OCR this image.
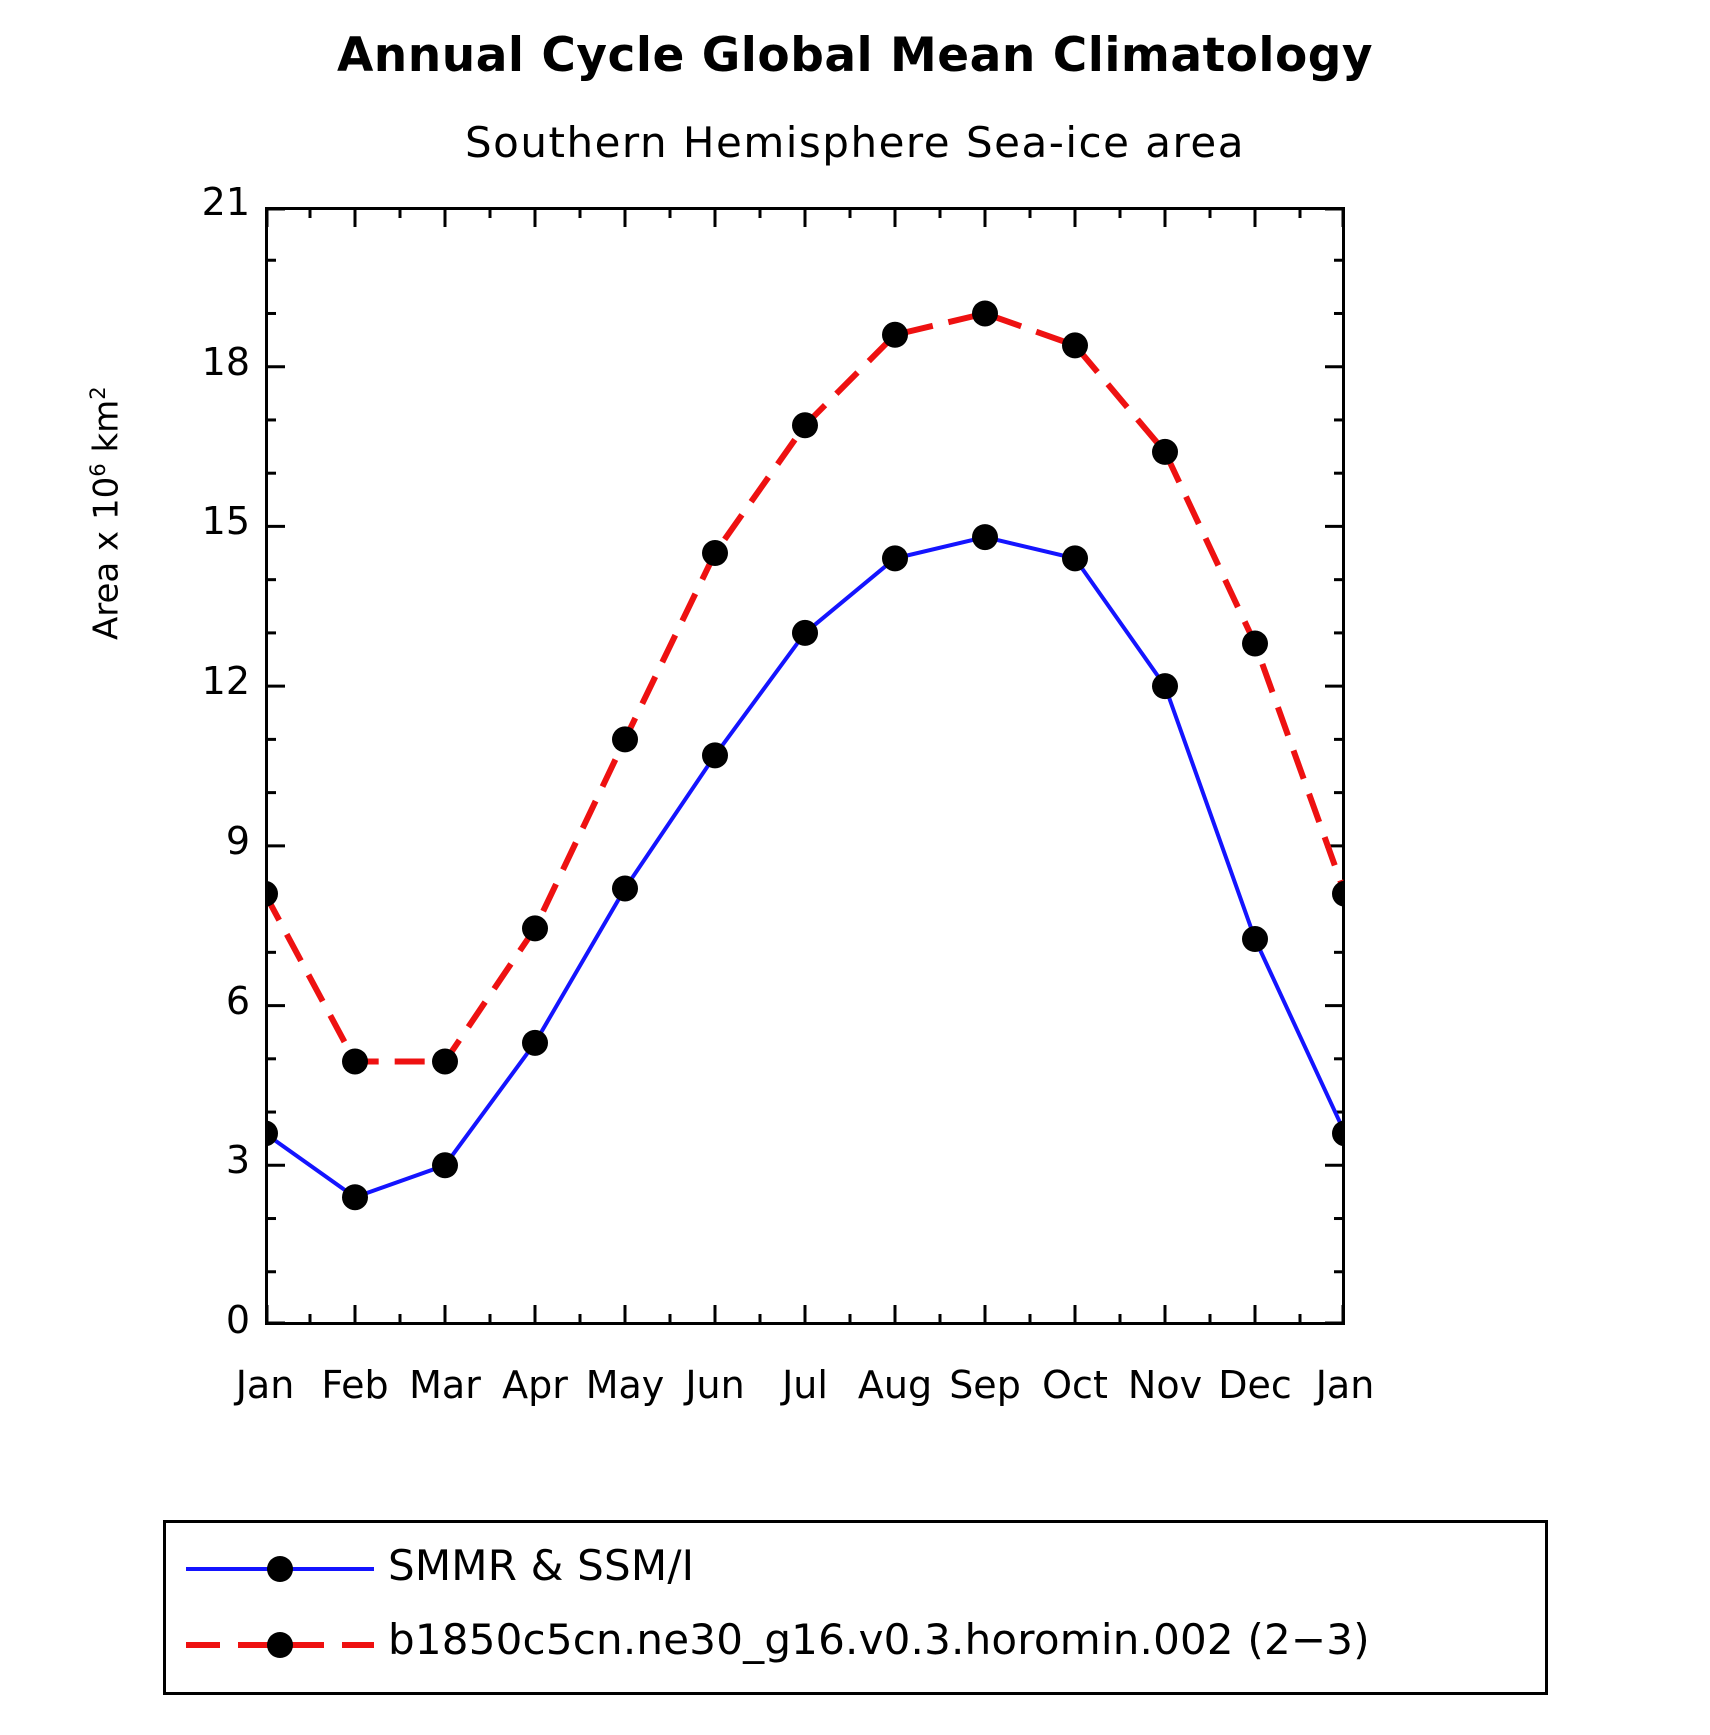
Annual Cycle Global Mean Climatology
Southern Hemisphere Sea-ice area
Area x $10^6$ $km^2$
0
3
6
9
12
15
18
21
Jan Feb Mar Apr May Jun Jul Aug Sep Oct Nov Dec Jan
SMMR & SSM/I
b1850c5cn.ne30_g16.v0.3.horomin.002 (2−3)
